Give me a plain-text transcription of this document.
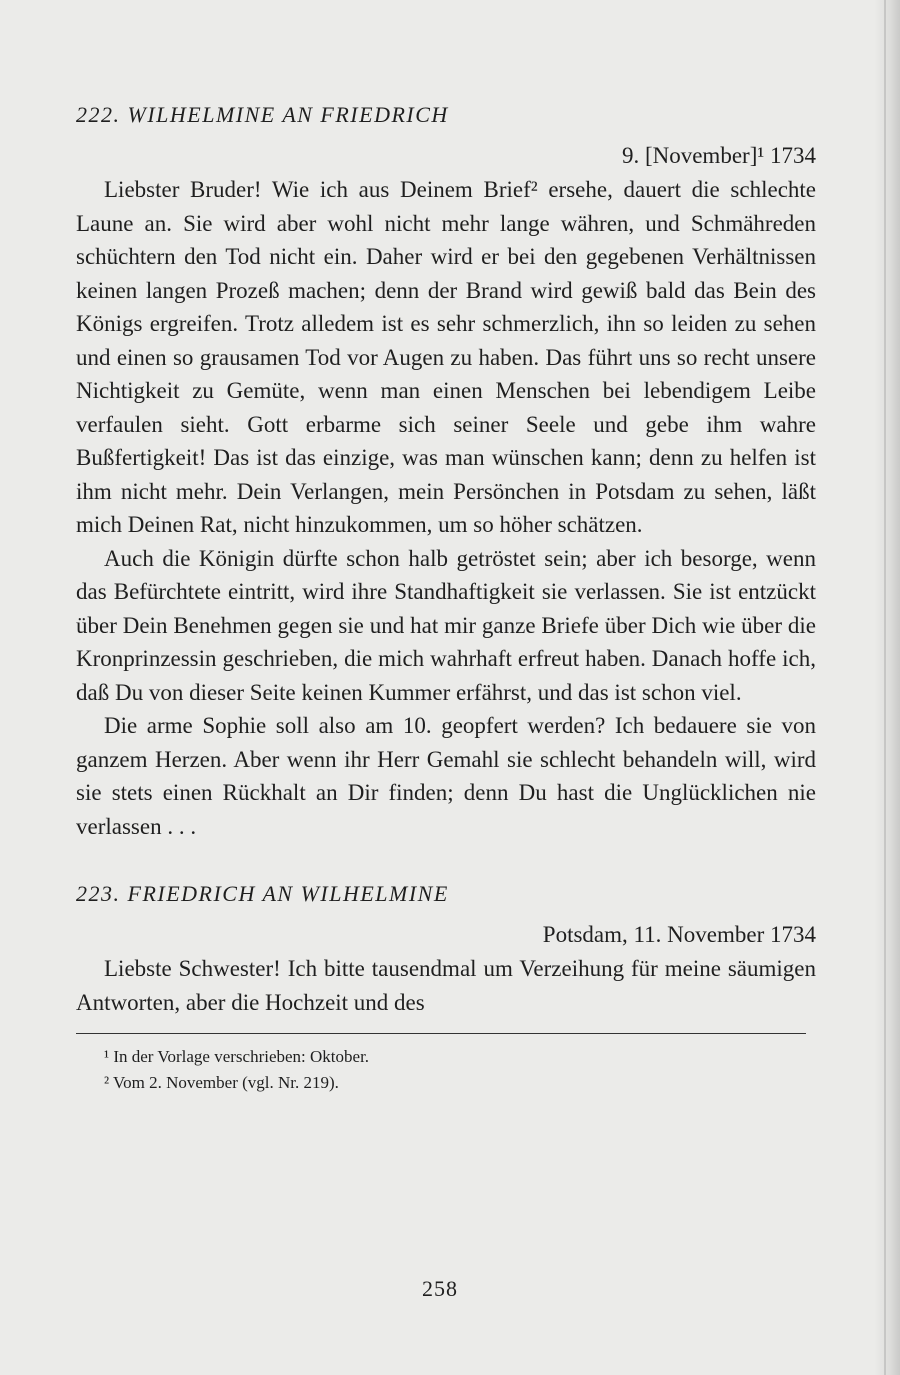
222. WILHELMINE AN FRIEDRICH
9. [November]¹ 1734

Liebster Bruder! Wie ich aus Deinem Brief² ersehe, dauert die schlechte Laune an. Sie wird aber wohl nicht mehr lange währen, und Schmähreden schüchtern den Tod nicht ein. Daher wird er bei den gegebenen Verhältnissen keinen langen Prozeß machen; denn der Brand wird gewiß bald das Bein des Königs ergreifen. Trotz alledem ist es sehr schmerzlich, ihn so leiden zu sehen und einen so grausamen Tod vor Augen zu haben. Das führt uns so recht unsere Nichtigkeit zu Gemüte, wenn man einen Menschen bei lebendigem Leibe verfaulen sieht. Gott erbarme sich seiner Seele und gebe ihm wahre Bußfertigkeit! Das ist das einzige, was man wünschen kann; denn zu helfen ist ihm nicht mehr. Dein Verlangen, mein Persönchen in Potsdam zu sehen, läßt mich Deinen Rat, nicht hinzukommen, um so höher schätzen.

Auch die Königin dürfte schon halb getröstet sein; aber ich besorge, wenn das Befürchtete eintritt, wird ihre Standhaftigkeit sie verlassen. Sie ist entzückt über Dein Benehmen gegen sie und hat mir ganze Briefe über Dich wie über die Kronprinzessin geschrieben, die mich wahrhaft erfreut haben. Danach hoffe ich, daß Du von dieser Seite keinen Kummer erfährst, und das ist schon viel.

Die arme Sophie soll also am 10. geopfert werden? Ich bedauere sie von ganzem Herzen. Aber wenn ihr Herr Gemahl sie schlecht behandeln will, wird sie stets einen Rückhalt an Dir finden; denn Du hast die Unglücklichen nie verlassen . . .

223. FRIEDRICH AN WILHELMINE
Potsdam, 11. November 1734

Liebste Schwester! Ich bitte tausendmal um Verzeihung für meine säumigen Antworten, aber die Hochzeit und des

¹ In der Vorlage verschrieben: Oktober.

² Vom 2. November (vgl. Nr. 219).

258
